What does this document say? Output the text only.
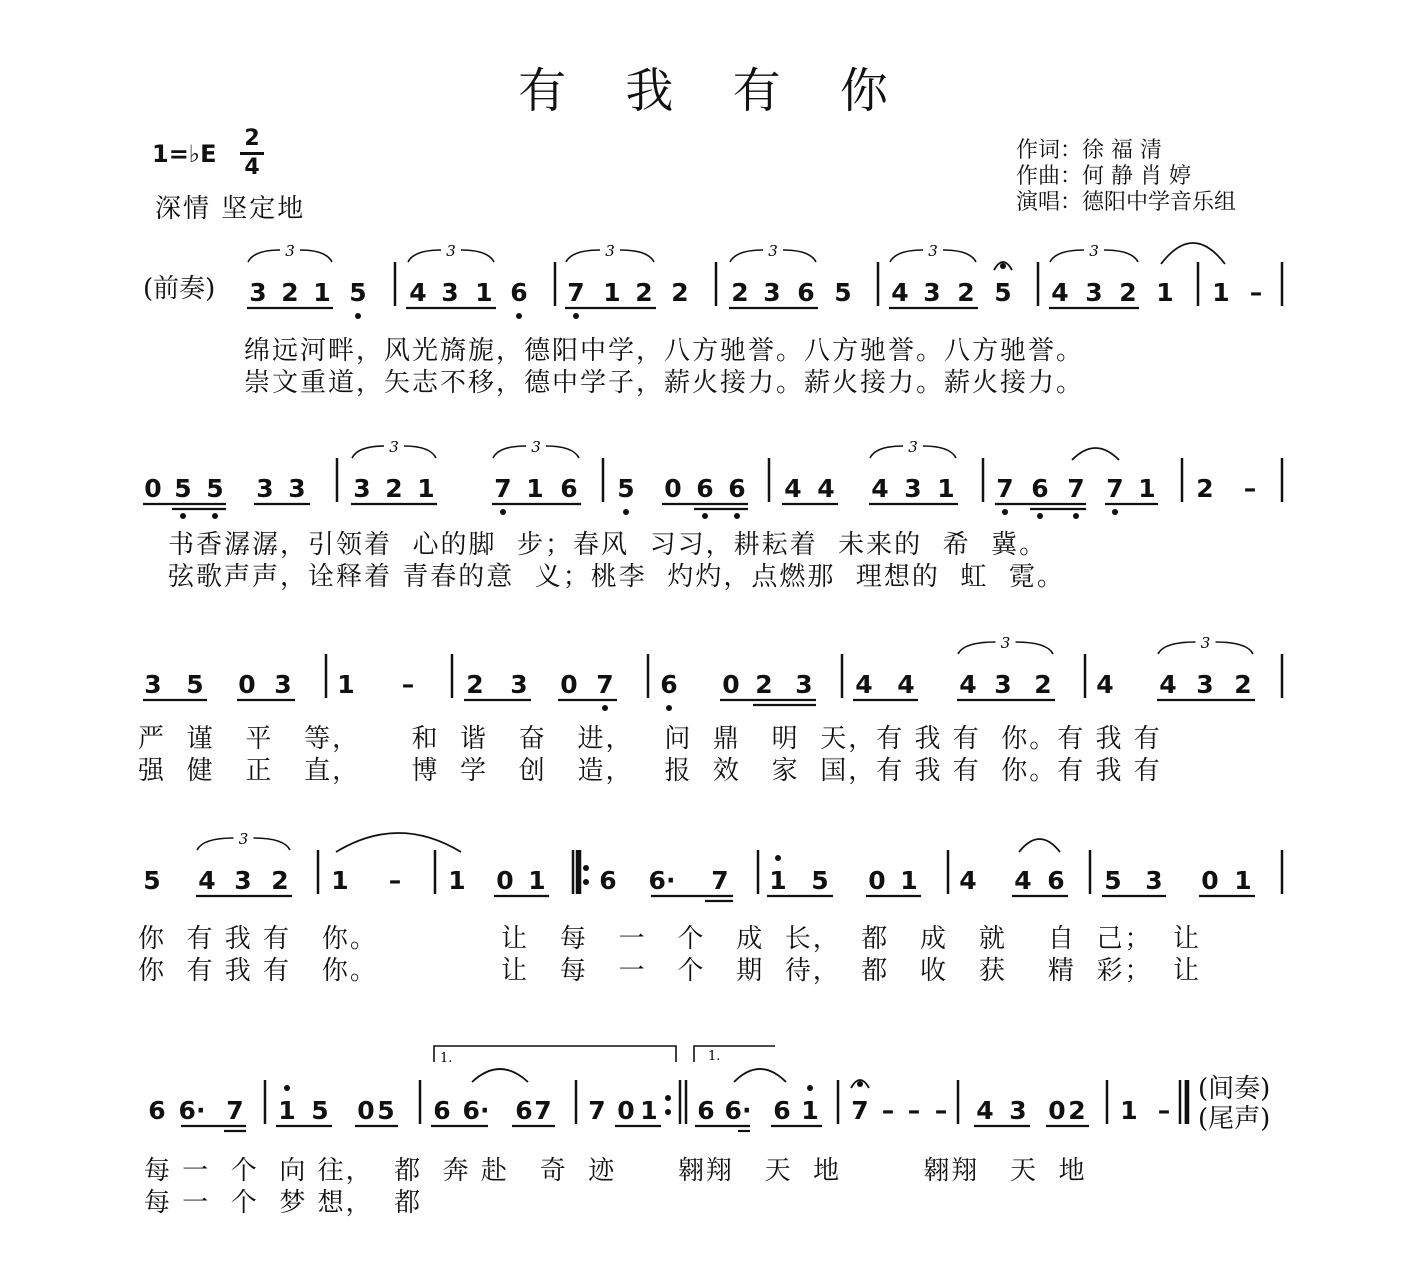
有 我 有 你
1=♭E
2
4
深情 坚定地
作词：徐 福 清
作曲：何 静 肖 婷
演唱：德阳中学音乐组
(前奏) 3 2 1 5 4 3 1 6 7 1 2 2 2 3 6 5 4 3 2 5 4 3 2 1 1 –
3	3	3	3	3	3
0 5 5 3 3 3 2 1 7 1 6 5 0 6 6 4 4 4 3 1 7 6 7 7 1 2 –
3	3	3
3 5 0 3 1 – 2 3 0 7 6 0 2 3 4 4 4 3 2 4 4 3 2
3	3
5 4 3 2 1 – 1 0 1 6 6· 7 1 5 0 1 4 4 6 5 3 0 1
3
6 6· 7 1 5 0 5 6 6· 6 7 7 0 1 6 6· 6 1 7 – – – 4 3 0 2 1 –
1.	1.
绵远河畔，风光旖旎，德阳中学，八方驰誉。八方驰誉。八方驰誉。
崇文重道，矢志不移，德中学子，薪火接力。薪火接力。薪火接力。
书香潺潺，引领着  心的脚  步；春风  习习，耕耘着  未来的  希  冀。
弦歌声声，诠释着 青春的意  义；桃李  灼灼，点燃那  理想的  虹  霓。
严  谨   平   等，     和  谐   奋   进，   问  鼎   明  天，有 我 有  你。有 我 有
强  健   正   直，     博  学   创   造，   报  效   家  国，有 我 有  你。有 我 有
你  有 我 有   你。            让   每   一   个   成  长，  都   成   就    自  己；  让
你  有 我 有   你。            让   每   一   个   期  待，  都   收   获    精  彩；  让
每 一  个  向 往，  都  奔 赴   奇  迹      翱翔   天  地        翱翔   天  地
每 一  个  梦 想，  都
(间奏)
(尾声)
